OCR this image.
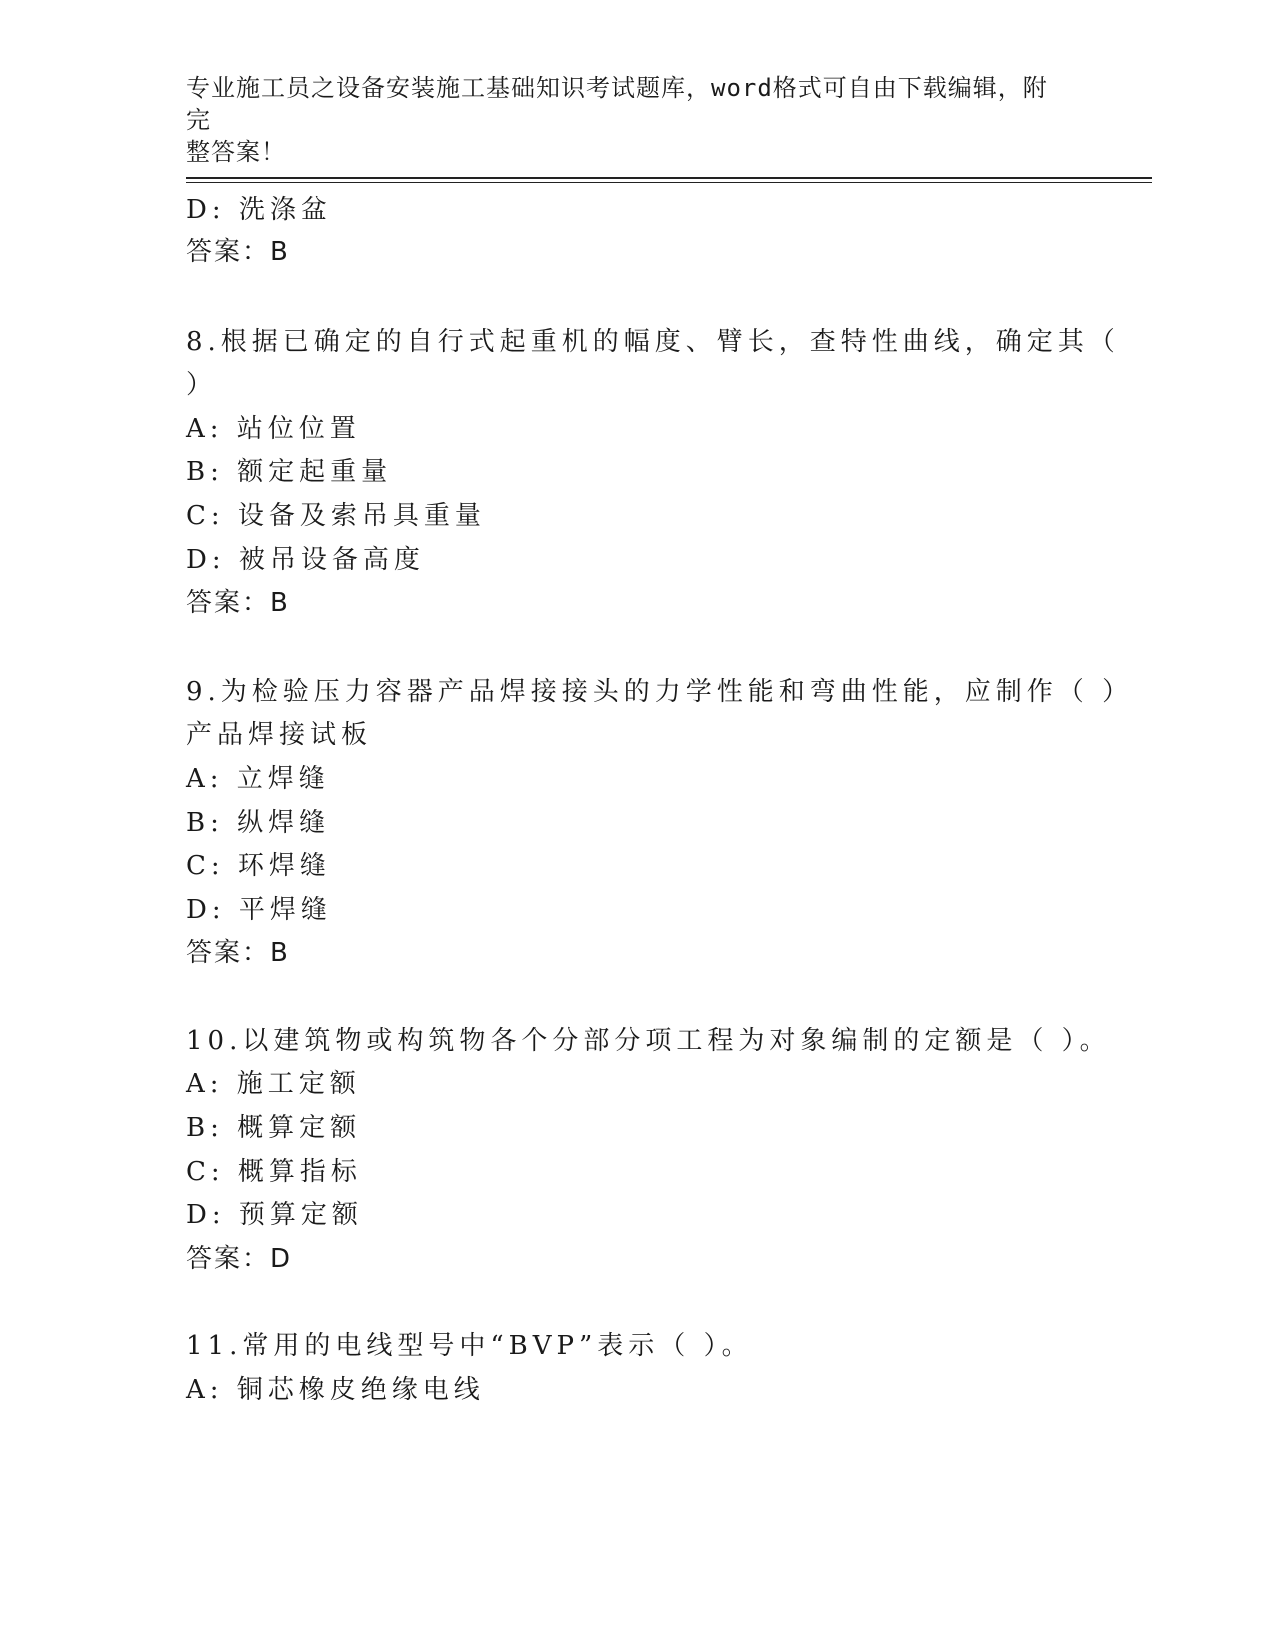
专业施工员之设备安装施工基础知识考试题库，word格式可自由下载编辑，附完
整答案！
D: 洗涤盆
答案：B
8.根据已确定的自行式起重机的幅度、臂长，查特性曲线，确定其（
）
A: 站位位置
B: 额定起重量
C: 设备及索吊具重量
D: 被吊设备高度
答案：B
9.为检验压力容器产品焊接接头的力学性能和弯曲性能，应制作（ ）
产品焊接试板
A: 立焊缝
B: 纵焊缝
C: 环焊缝
D: 平焊缝
答案：B
10.以建筑物或构筑物各个分部分项工程为对象编制的定额是（ ）。
A: 施工定额
B: 概算定额
C: 概算指标
D: 预算定额
答案：D
11.常用的电线型号中“BVP”表示（ ）。
A: 铜芯橡皮绝缘电线
